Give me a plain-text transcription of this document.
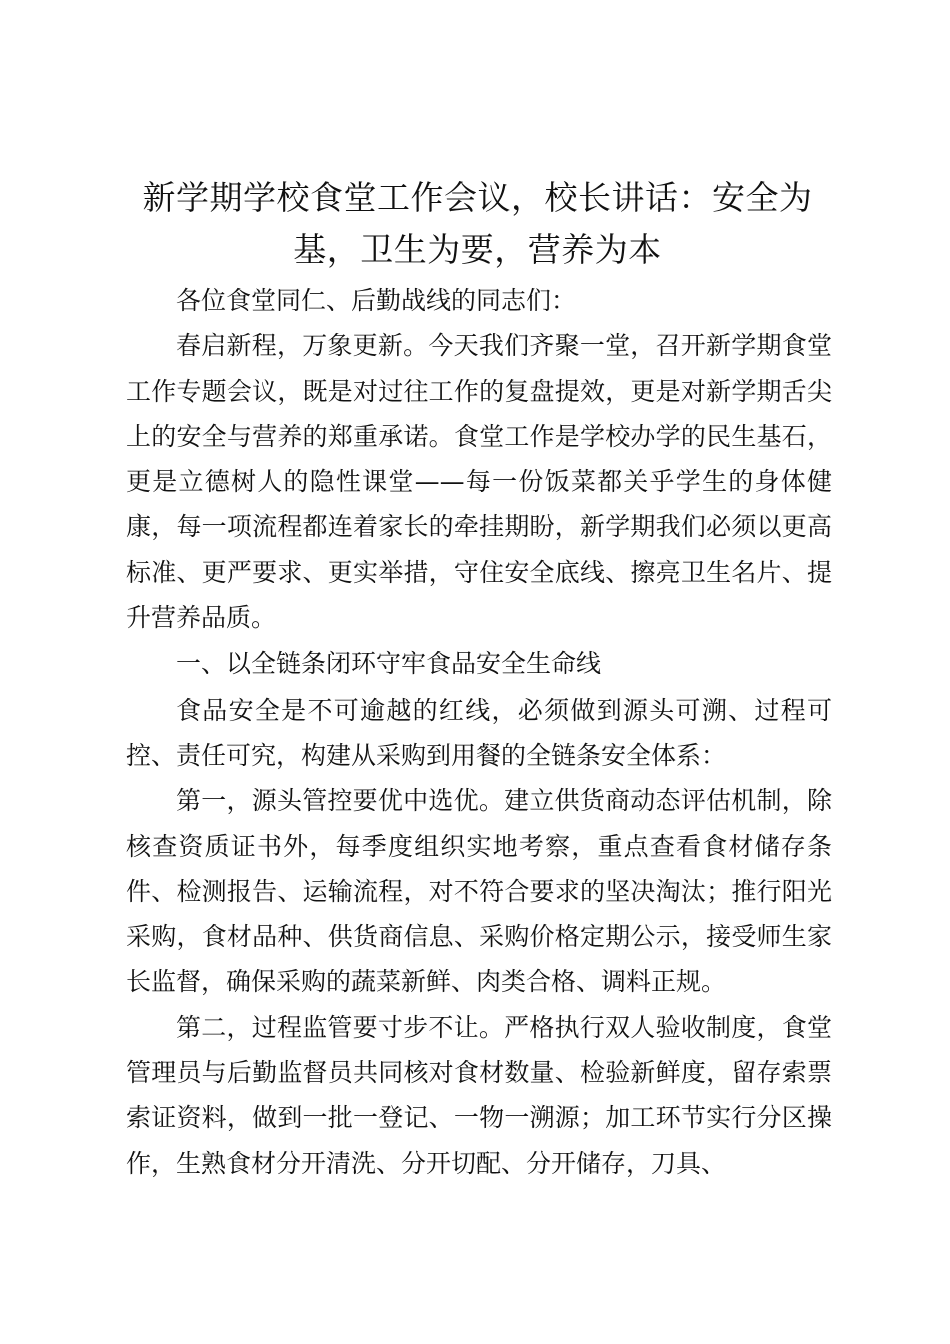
新学期学校食堂工作会议，校长讲话：安全为基，卫生为要，营养为本

各位食堂同仁、后勤战线的同志们：

春启新程，万象更新。今天我们齐聚一堂，召开新学期食堂工作专题会议，既是对过往工作的复盘提效，更是对新学期舌尖上的安全与营养的郑重承诺。食堂工作是学校办学的民生基石，更是立德树人的隐性课堂——每一份饭菜都关乎学生的身体健康，每一项流程都连着家长的牵挂期盼，新学期我们必须以更高标准、更严要求、更实举措，守住安全底线、擦亮卫生名片、提升营养品质。

一、以全链条闭环守牢食品安全生命线

食品安全是不可逾越的红线，必须做到源头可溯、过程可控、责任可究，构建从采购到用餐的全链条安全体系：

第一，源头管控要优中选优。建立供货商动态评估机制，除核查资质证书外，每季度组织实地考察，重点查看食材储存条件、检测报告、运输流程，对不符合要求的坚决淘汰；推行阳光采购，食材品种、供货商信息、采购价格定期公示，接受师生家长监督，确保采购的蔬菜新鲜、肉类合格、调料正规。

第二，过程监管要寸步不让。严格执行双人验收制度，食堂管理员与后勤监督员共同核对食材数量、检验新鲜度，留存索票索证资料，做到一批一登记、一物一溯源；加工环节实行分区操作，生熟食材分开清洗、分开切配、分开储存，刀具、
